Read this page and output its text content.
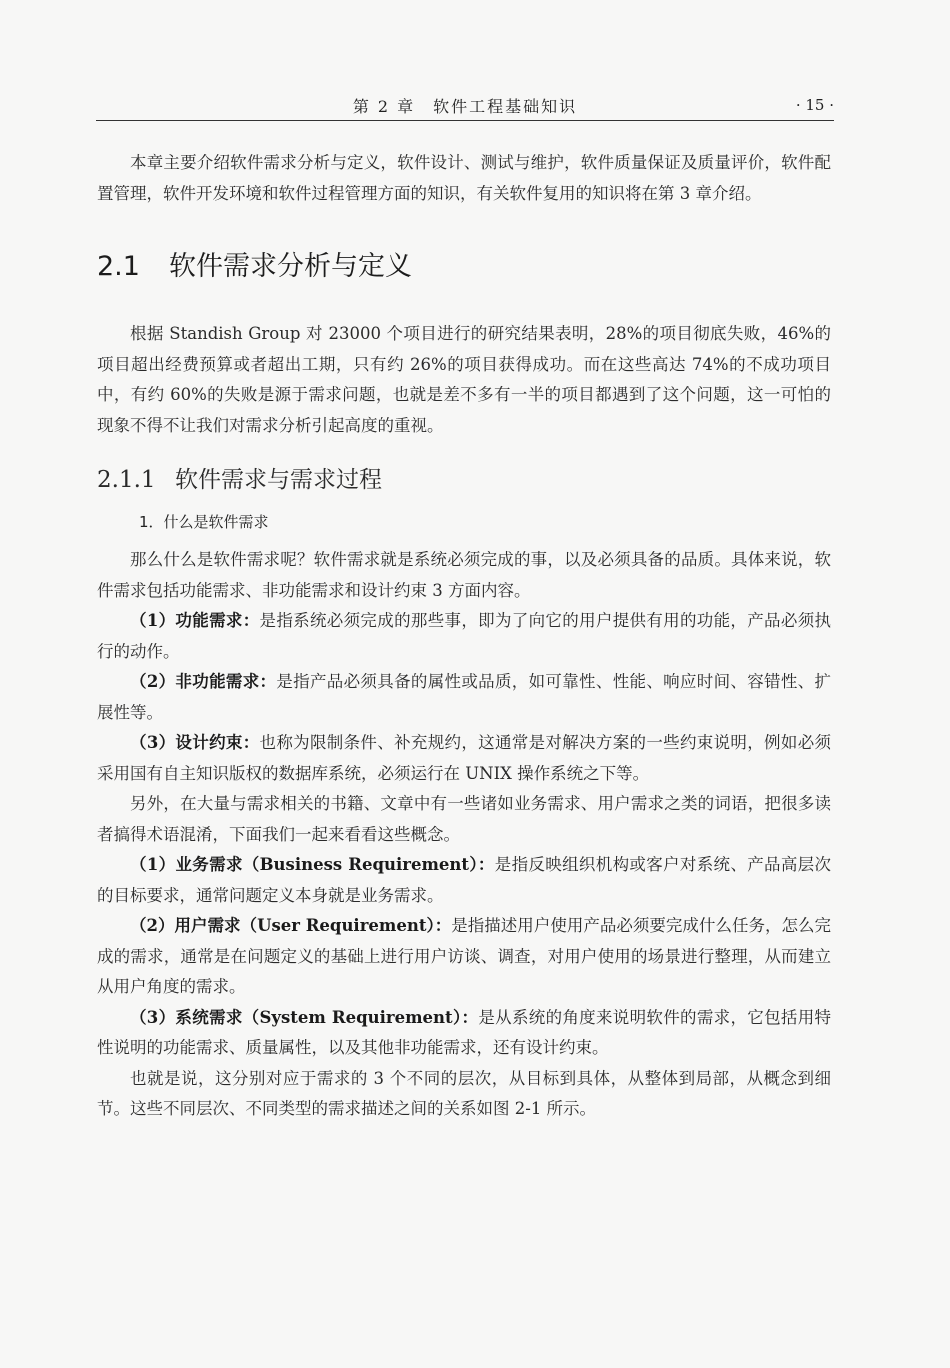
第 2 章　软件工程基础知识	· 15 ·

本章主要介绍软件需求分析与定义，软件设计、测试与维护，软件质量保证及质量评价，软件配置管理，软件开发环境和软件过程管理方面的知识，有关软件复用的知识将在第 3 章介绍。

2.1 软件需求分析与定义

根据 Standish Group 对 23000 个项目进行的研究结果表明，28%的项目彻底失败，46%的项目超出经费预算或者超出工期，只有约 26%的项目获得成功。而在这些高达 74%的不成功项目中，有约 60%的失败是源于需求问题，也就是差不多有一半的项目都遇到了这个问题，这一可怕的现象不得不让我们对需求分析引起高度的重视。

2.1.1 软件需求与需求过程
1．什么是软件需求

那么什么是软件需求呢？软件需求就是系统必须完成的事，以及必须具备的品质。具体来说，软件需求包括功能需求、非功能需求和设计约束 3 方面内容。

（1）功能需求：是指系统必须完成的那些事，即为了向它的用户提供有用的功能，产品必须执行的动作。

（2）非功能需求：是指产品必须具备的属性或品质，如可靠性、性能、响应时间、容错性、扩展性等。

（3）设计约束：也称为限制条件、补充规约，这通常是对解决方案的一些约束说明，例如必须采用国有自主知识版权的数据库系统，必须运行在 UNIX 操作系统之下等。

另外，在大量与需求相关的书籍、文章中有一些诸如业务需求、用户需求之类的词语，把很多读者搞得术语混淆，下面我们一起来看看这些概念。

（1）业务需求（Business Requirement）：是指反映组织机构或客户对系统、产品高层次的目标要求，通常问题定义本身就是业务需求。

（2）用户需求（User Requirement）：是指描述用户使用产品必须要完成什么任务，怎么完成的需求，通常是在问题定义的基础上进行用户访谈、调查，对用户使用的场景进行整理，从而建立从用户角度的需求。

（3）系统需求（System Requirement）：是从系统的角度来说明软件的需求，它包括用特性说明的功能需求、质量属性，以及其他非功能需求，还有设计约束。

也就是说，这分别对应于需求的 3 个不同的层次，从目标到具体，从整体到局部，从概念到细节。这些不同层次、不同类型的需求描述之间的关系如图 2-1 所示。
